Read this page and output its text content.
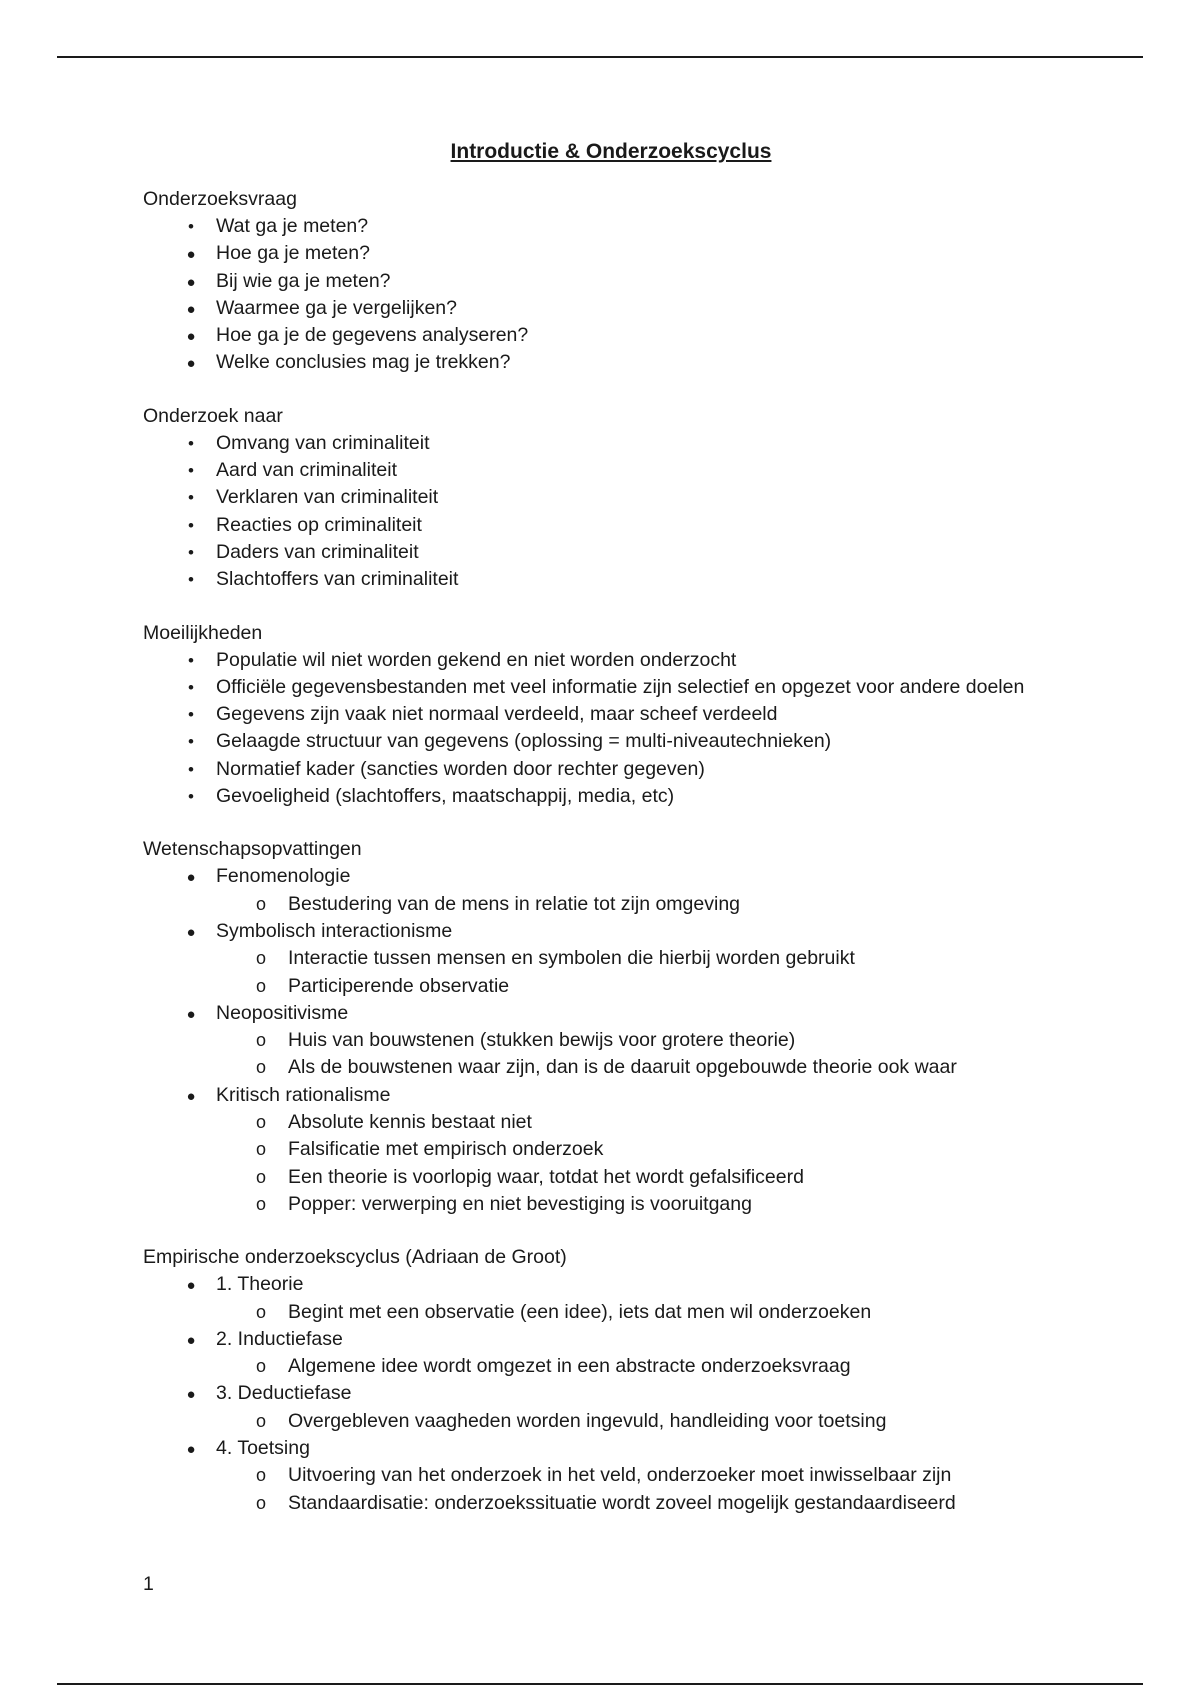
Introductie & Onderzoekscyclus

Onderzoeksvraag

•
Wat ga je meten?
●
Hoe ga je meten?
●
Bij wie ga je meten?
●
Waarmee ga je vergelijken?
●
Hoe ga je de gegevens analyseren?
●
Welke conclusies mag je trekken?

Onderzoek naar

•
Omvang van criminaliteit
•
Aard van criminaliteit
•
Verklaren van criminaliteit
•
Reacties op criminaliteit
•
Daders van criminaliteit
•
Slachtoffers van criminaliteit

Moeilijkheden

•
Populatie wil niet worden gekend en niet worden onderzocht
•
Officiële gegevensbestanden met veel informatie zijn selectief en opgezet voor andere doelen
•
Gegevens zijn vaak niet normaal verdeeld, maar scheef verdeeld
•
Gelaagde structuur van gegevens (oplossing = multi-niveautechnieken)
•
Normatief kader (sancties worden door rechter gegeven)
•
Gevoeligheid (slachtoffers, maatschappij, media, etc)

Wetenschapsopvattingen

●
Fenomenologie
o
Bestudering van de mens in relatie tot zijn omgeving
●
Symbolisch interactionisme
o
Interactie tussen mensen en symbolen die hierbij worden gebruikt
o
Participerende observatie
●
Neopositivisme
o
Huis van bouwstenen (stukken bewijs voor grotere theorie)
o
Als de bouwstenen waar zijn, dan is de daaruit opgebouwde theorie ook waar
●
Kritisch rationalisme
o
Absolute kennis bestaat niet
o
Falsificatie met empirisch onderzoek
o
Een theorie is voorlopig waar, totdat het wordt gefalsificeerd
o
Popper: verwerping en niet bevestiging is vooruitgang

Empirische onderzoekscyclus (Adriaan de Groot)

●
1. Theorie
o
Begint met een observatie (een idee), iets dat men wil onderzoeken
●
2. Inductiefase
o
Algemene idee wordt omgezet in een abstracte onderzoeksvraag
●
3. Deductiefase
o
Overgebleven vaagheden worden ingevuld, handleiding voor toetsing
●
4. Toetsing
o
Uitvoering van het onderzoek in het veld, onderzoeker moet inwisselbaar zijn
o
Standaardisatie: onderzoekssituatie wordt zoveel mogelijk gestandaardiseerd
1
